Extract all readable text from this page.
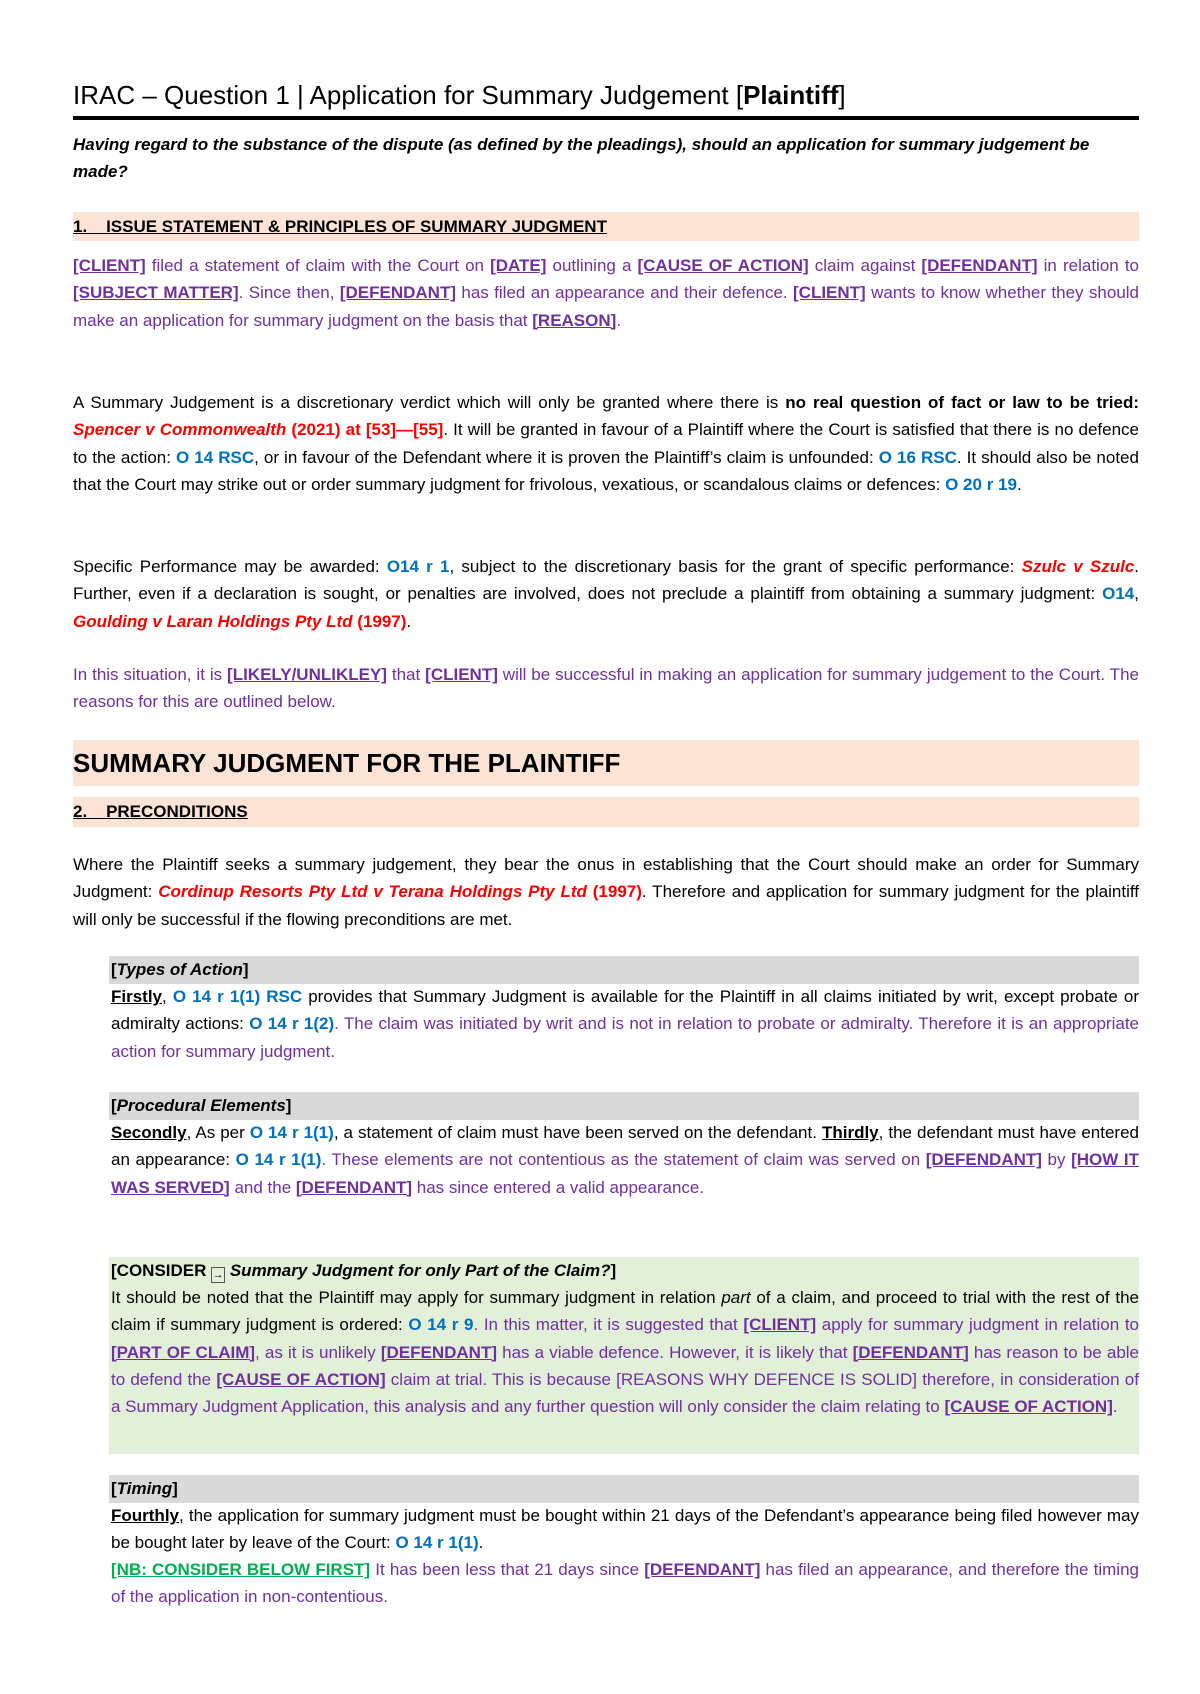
IRAC – Question 1 | Application for Summary Judgement [Plaintiff]
Having regard to the substance of the dispute (as defined by the pleadings), should an application for summary judgement be made?
1.    ISSUE STATEMENT & PRINCIPLES OF SUMMARY JUDGMENT
[CLIENT] filed a statement of claim with the Court on [DATE] outlining a [CAUSE OF ACTION] claim against [DEFENDANT] in relation to [SUBJECT MATTER]. Since then, [DEFENDANT] has filed an appearance and their defence. [CLIENT] wants to know whether they should make an application for summary judgment on the basis that [REASON].
A Summary Judgement is a discretionary verdict which will only be granted where there is no real question of fact or law to be tried: Spencer v Commonwealth (2021) at [53]—[55]. It will be granted in favour of a Plaintiff where the Court is satisfied that there is no defence to the action: O 14 RSC, or in favour of the Defendant where it is proven the Plaintiff’s claim is unfounded: O 16 RSC. It should also be noted that the Court may strike out or order summary judgment for frivolous, vexatious, or scandalous claims or defences: O 20 r 19.
Specific Performance may be awarded: O14 r 1, subject to the discretionary basis for the grant of specific performance: Szulc v Szulc. Further, even if a declaration is sought, or penalties are involved, does not preclude a plaintiff from obtaining a summary judgment: O14, Goulding v Laran Holdings Pty Ltd (1997).
In this situation, it is [LIKELY/UNLIKLEY] that [CLIENT] will be successful in making an application for summary judgement to the Court. The reasons for this are outlined below.
SUMMARY JUDGMENT FOR THE PLAINTIFF
2.    PRECONDITIONS
Where the Plaintiff seeks a summary judgement, they bear the onus in establishing that the Court should make an order for Summary Judgment: Cordinup Resorts Pty Ltd v Terana Holdings Pty Ltd (1997). Therefore and application for summary judgment for the plaintiff will only be successful if the flowing preconditions are met.
[Types of Action]
Firstly, O 14 r 1(1) RSC provides that Summary Judgment is available for the Plaintiff in all claims initiated by writ, except probate or admiralty actions: O 14 r 1(2). The claim was initiated by writ and is not in relation to probate or admiralty. Therefore it is an appropriate action for summary judgment.
[Procedural Elements]
Secondly, As per O 14 r 1(1), a statement of claim must have been served on the defendant. Thirdly, the defendant must have entered an appearance: O 14 r 1(1). These elements are not contentious as the statement of claim was served on [DEFENDANT] by [HOW IT WAS SERVED] and the [DEFENDANT] has since entered a valid appearance.
[CONSIDER → Summary Judgment for only Part of the Claim?]
It should be noted that the Plaintiff may apply for summary judgment in relation part of a claim, and proceed to trial with the rest of the claim if summary judgment is ordered: O 14 r 9. In this matter, it is suggested that [CLIENT] apply for summary judgment in relation to [PART OF CLAIM], as it is unlikely [DEFENDANT] has a viable defence. However, it is likely that [DEFENDANT] has reason to be able to defend the [CAUSE OF ACTION] claim at trial. This is because [REASONS WHY DEFENCE IS SOLID] therefore, in consideration of a Summary Judgment Application, this analysis and any further question will only consider the claim relating to [CAUSE OF ACTION].
[Timing]
Fourthly, the application for summary judgment must be bought within 21 days of the Defendant’s appearance being filed however may be bought later by leave of the Court: O 14 r 1(1).
[NB: CONSIDER BELOW FIRST] It has been less that 21 days since [DEFENDANT] has filed an appearance, and therefore the timing of the application in non-contentious.
